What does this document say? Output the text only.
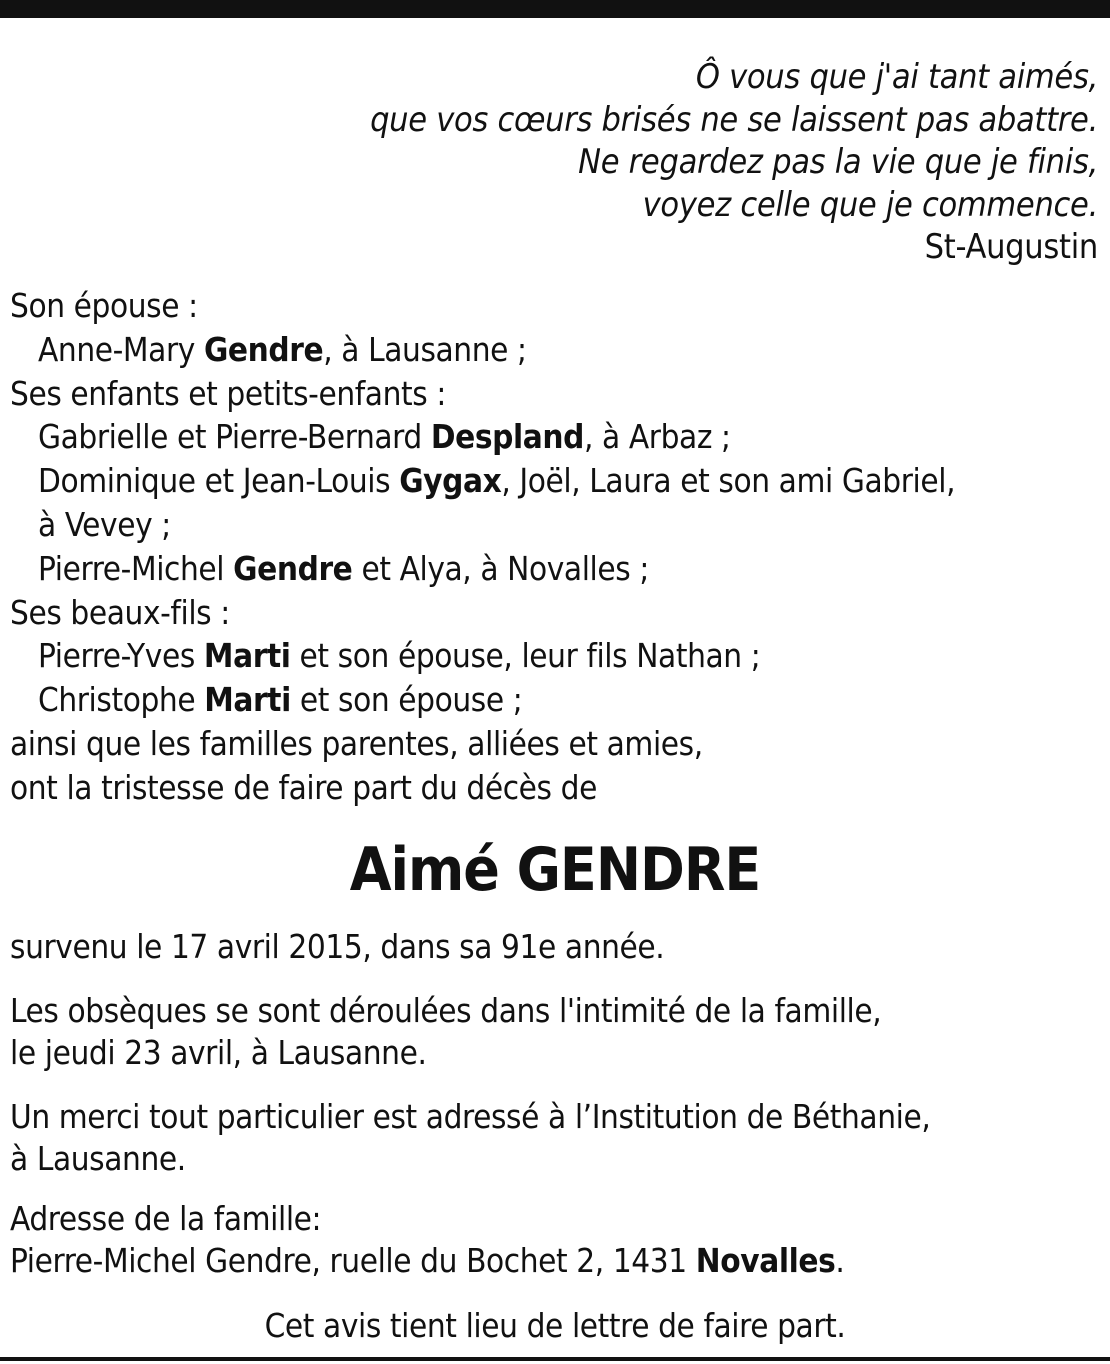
Ô vous que j'ai tant aimés,
que vos cœurs brisés ne se laissent pas abattre.
Ne regardez pas la vie que je finis,
voyez celle que je commence.
St-Augustin
Son épouse :
Anne-Mary Gendre, à Lausanne ;
Ses enfants et petits-enfants :
Gabrielle et Pierre-Bernard Despland, à Arbaz ;
Dominique et Jean-Louis Gygax, Joël, Laura et son ami Gabriel,
à Vevey ;
Pierre-Michel Gendre et Alya, à Novalles ;
Ses beaux-fils :
Pierre-Yves Marti et son épouse, leur fils Nathan ;
Christophe Marti et son épouse ;
ainsi que les familles parentes, alliées et amies,
ont la tristesse de faire part du décès de
Aimé GENDRE
survenu le 17 avril 2015, dans sa 91e année.
Les obsèques se sont déroulées dans l'intimité de la famille,
le jeudi 23 avril, à Lausanne.
Un merci tout particulier est adressé à l’Institution de Béthanie,
à Lausanne.
Adresse de la famille:
Pierre-Michel Gendre, ruelle du Bochet 2, 1431 Novalles.
Cet avis tient lieu de lettre de faire part.
